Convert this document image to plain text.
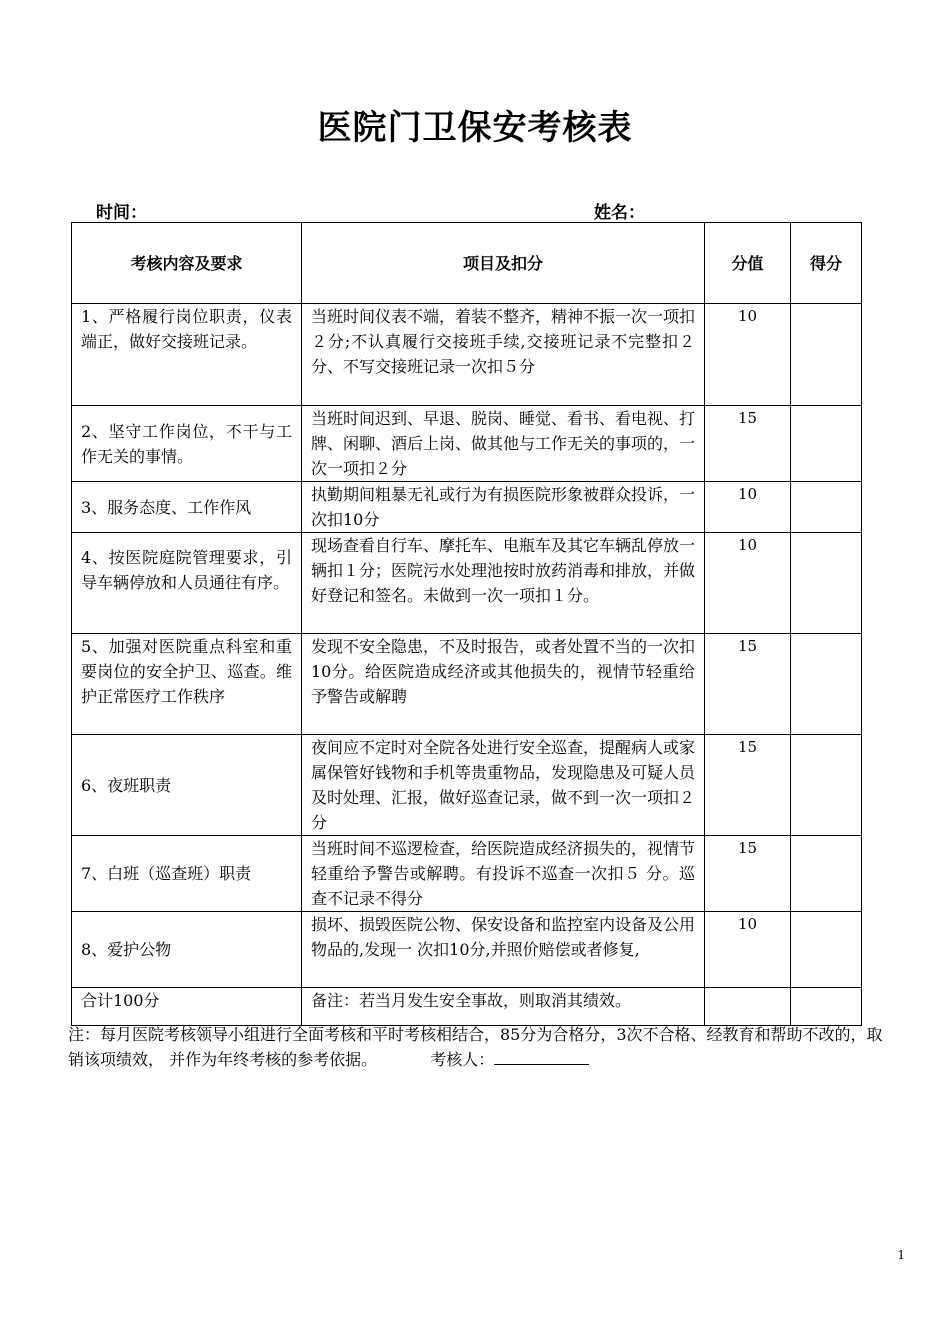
医院门卫保安考核表
时间：	姓名：
考核内容及要求	项目及扣分	分值	得分
1、严格履行岗位职责，仪表端正，做好交接班记录。	当班时间仪表不端，着装不整齐，精神不振一次一项扣２分;不认真履行交接班手续,交接班记录不完整扣２分、不写交接班记录一次扣５分	10	
2、坚守工作岗位，不干与工作无关的事情。	当班时间迟到、早退、脱岗、睡觉、看书、看电视、打牌、闲聊、酒后上岗、做其他与工作无关的事项的，一次一项扣２分	15	
3、服务态度、工作作风	执勤期间粗暴无礼或行为有损医院形象被群众投诉，一次扣10分	10	
4、按医院庭院管理要求，引导车辆停放和人员通往有序。	现场查看自行车、摩托车、电瓶车及其它车辆乱停放一辆扣１分；医院污水处理池按时放药消毒和排放，并做好登记和签名。未做到一次一项扣１分。	10	
5、加强对医院重点科室和重要岗位的安全护卫、巡查。维护正常医疗工作秩序	发现不安全隐患，不及时报告，或者处置不当的一次扣10分。给医院造成经济或其他损失的，视情节轻重给予警告或解聘	15	
6、夜班职责	夜间应不定时对全院各处进行安全巡查，提醒病人或家属保管好钱物和手机等贵重物品，发现隐患及可疑人员及时处理、汇报，做好巡查记录，做不到一次一项扣２分	15	
7、白班（巡查班）职责	当班时间不巡逻检查，给医院造成经济损失的，视情节轻重给予警告或解聘。有投诉不巡查一次扣５ 分。巡查不记录不得分	15	
8、爱护公物	损坏、损毁医院公物、保安设备和监控室内设备及公用物品的,发现一 次扣10分,并照价赔偿或者修复,	10	
合计100分	备注：若当月发生安全事故，则取消其绩效。		
注：每月医院考核领导小组进行全面考核和平时考核相结合，85分为合格分，3次不合格、经教育和帮助不改的，取销该项绩效， 并作为年终考核的参考依据。   	考核人：
1
